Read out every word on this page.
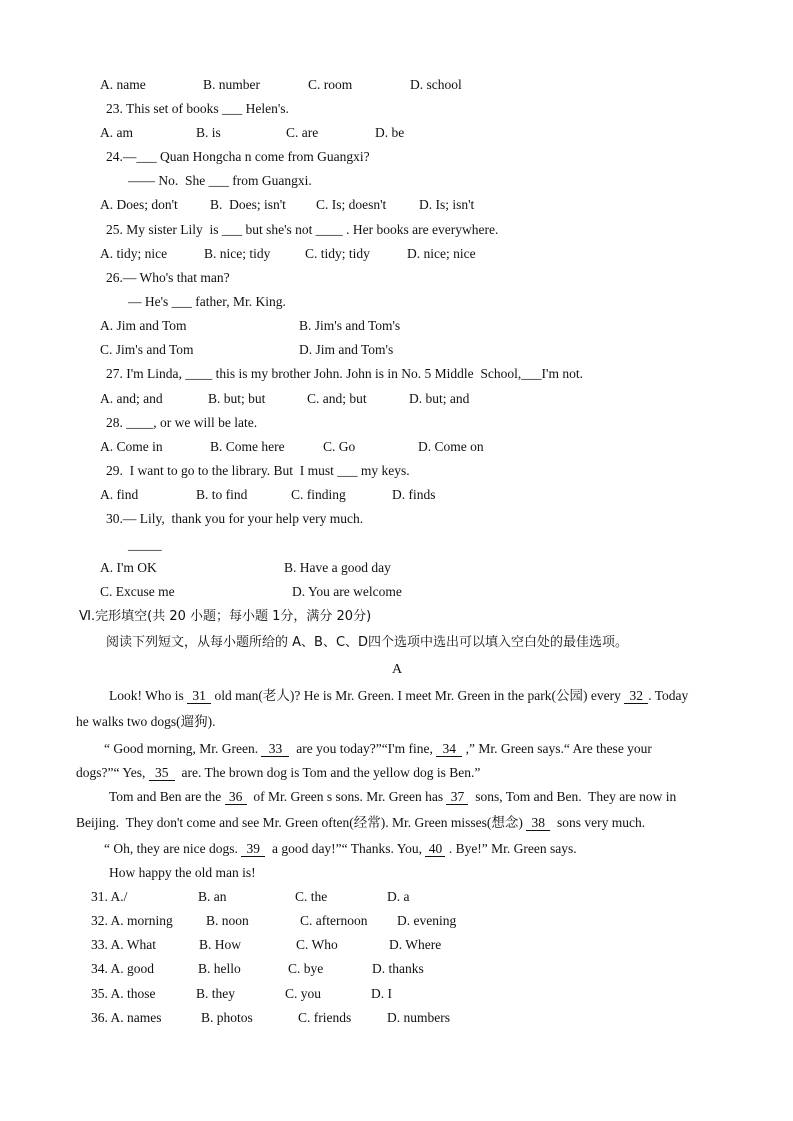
A. name	B. number	C. room	D. school
23. This set of books ___ Helen's.
A. am	B. is	C. are	D. be
24.—___ Quan Hongcha n come from Guangxi?
—— No.  She ___ from Guangxi.
A. Does; don't B.  Does; isn't C. Is; doesn't D. Is; isn't
25. My sister Lily  is ___ but she's not ____ . Her books are everywhere.
A. tidy; nice	B. nice; tidy	C. tidy; tidy	D. nice; nice
26.— Who's that man?
— He's ___ father, Mr. King.
A. Jim and Tom	B. Jim's and Tom's
C. Jim's and Tom	D. Jim and Tom's
27. I'm Linda, ____ this is my brother John. John is in No. 5 Middle  School,___I'm not.
A. and; and	B. but; but	C. and; but	D. but; and
28. ____, or we will be late.
A. Come in	B. Come here	C. Go	D. Come on
29.  I want to go to the library. But  I must ___ my keys.
A. find	B. to find	C. finding	D. finds
30.— Lily,  thank you for your help very much.
_____
A. I'm OK	B. Have a good day
C. Excuse me	D. You are welcome
Ⅵ.完形填空(共 20 小题；每小题 1分，满分 20分)
阅读下列短文，从每小题所给的 A、B、C、D四个选项中选出可以填入空白处的最佳选项。
A
Look! Who is 31 old man(老人)? He is Mr. Green. I meet Mr. Green in the park(公园) every 32 . Today
he walks two dogs(遛狗).
“ Good morning, Mr. Green. 33  are you today?”“I'm fine, 34 ,” Mr. Green says.“ Are these your
dogs?”“ Yes, 35  are. The brown dog is Tom and the yellow dog is Ben.”
Tom and Ben are the 36  of Mr. Green s sons. Mr. Green has 37  sons, Tom and Ben.  They are now in
Beijing.  They don't come and see Mr. Green often(经常). Mr. Green misses(想念) 38  sons very much.
“ Oh, they are nice dogs. 39  a good day!”“ Thanks. You, 40 . Bye!” Mr. Green says.
How happy the old man is!
31. A./	B. an	C. the	D. a
32. A. morning B. noon	C. afternoon D. evening
33. A. What	B. How	C. Who	D. Where
34. A. good	B. hello	C. bye	D. thanks
35. A. those	B. they	C. you	D. I
36. A. names	B. photos	C. friends	D. numbers
